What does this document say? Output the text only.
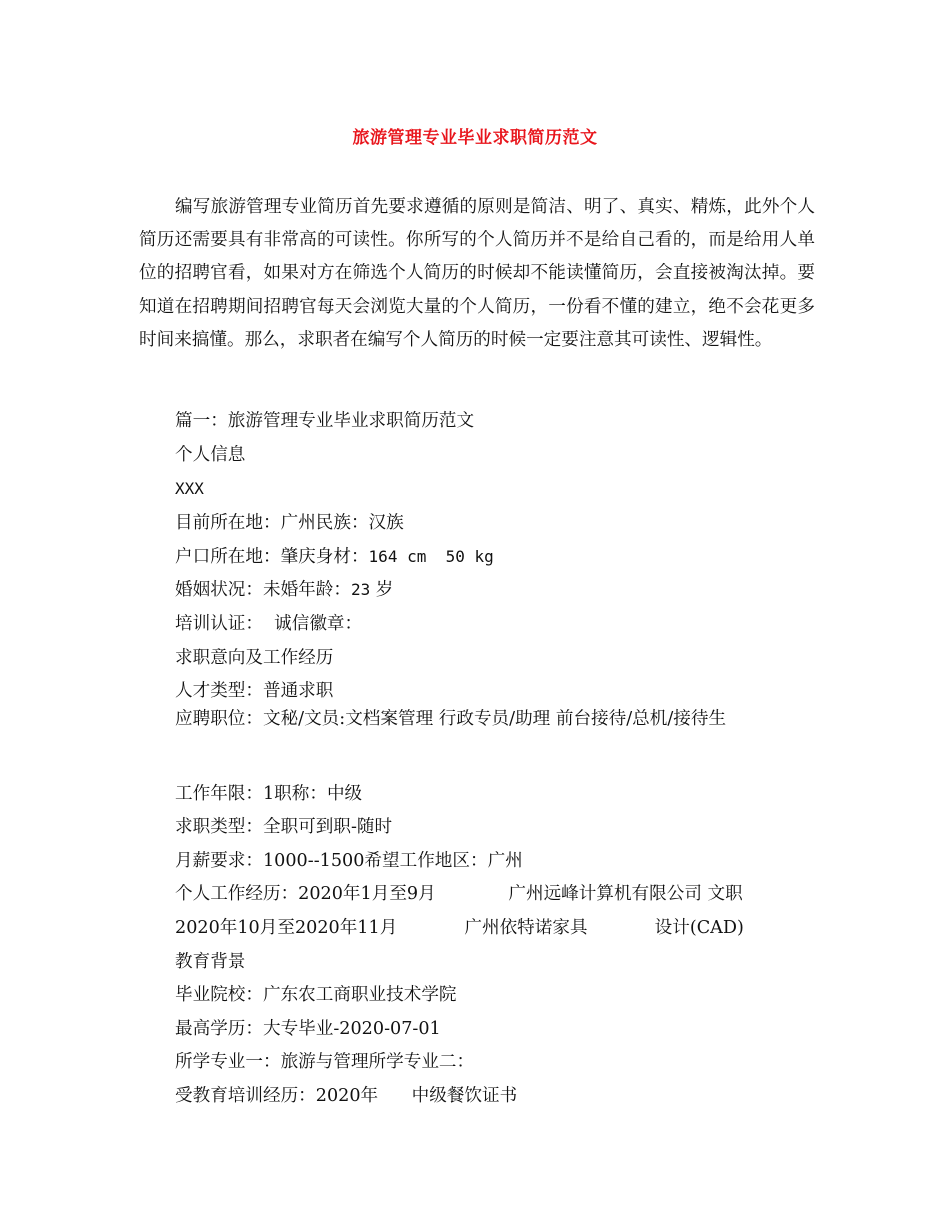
旅游管理专业毕业求职简历范文

编写旅游管理专业简历首先要求遵循的原则是简洁、明了、真实、精炼，此外个人简历还需要具有非常高的可读性。你所写的个人简历并不是给自己看的，而是给用人单位的招聘官看，如果对方在筛选个人简历的时候却不能读懂简历，会直接被淘汰掉。要知道在招聘期间招聘官每天会浏览大量的个人简历，一份看不懂的建立，绝不会花更多时间来搞懂。那么，求职者在编写个人简历的时候一定要注意其可读性、逻辑性。

篇一：旅游管理专业毕业求职简历范文
个人信息
XXX
目前所在地：广州民族：汉族
户口所在地：肇庆身材：164 cm  50 kg
婚姻状况：未婚年龄：23 岁
培训认证：  诚信徽章：
求职意向及工作经历
人才类型：普通求职

应聘职位：文秘/文员:文档案管理 行政专员/助理 前台接待/总机/接待生

工作年限：1职称：中级
求职类型：全职可到职-随时
月薪要求：1000--1500希望工作地区：广州
个人工作经历：2020年1月至9月             广州远峰计算机有限公司 文职
2020年10月至2020年11月            广州依特诺家具            设计(CAD)
教育背景
毕业院校：广东农工商职业技术学院
最高学历：大专毕业-2020-07-01
所学专业一：旅游与管理所学专业二：
受教育培训经历：2020年      中级餐饮证书
